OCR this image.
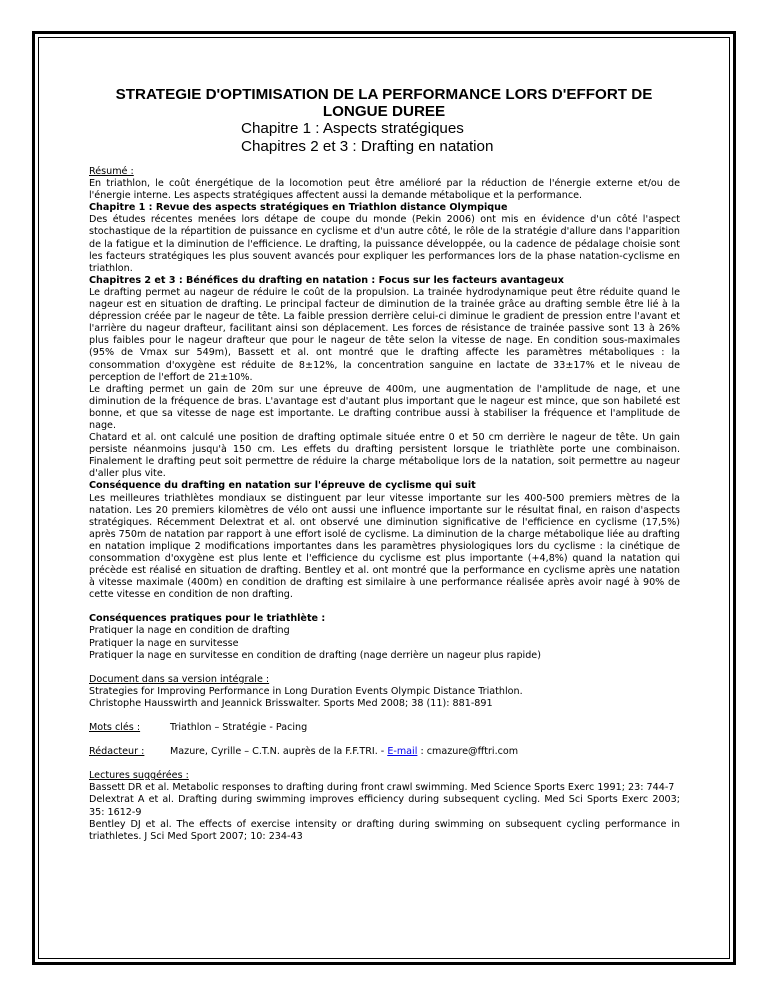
STRATEGIE D'OPTIMISATION DE LA PERFORMANCE LORS D'EFFORT DE
LONGUE DUREE
Chapitre 1 : Aspects stratégiques
Chapitres 2 et 3 : Drafting en natation

Résumé :

En triathlon, le coût énergétique de la locomotion peut être amélioré par la réduction de l'énergie externe et/ou de l'énergie interne. Les aspects stratégiques affectent aussi la demande métabolique et la performance.

Chapitre 1 : Revue des aspects stratégiques en Triathlon distance Olympique

Des études récentes menées lors détape de coupe du monde (Pekin 2006) ont mis en évidence d'un côté l'aspect stochastique de la répartition de puissance en cyclisme et d'un autre côté, le rôle de la stratégie d'allure dans l'apparition de la fatigue et la diminution de l'efficience. Le drafting, la puissance développée, ou la cadence de pédalage choisie sont les facteurs stratégiques les plus souvent avancés pour expliquer les performances lors de la phase natation-cyclisme en triathlon.

Chapitres 2 et 3 : Bénéfices du drafting en natation : Focus sur les facteurs avantageux

Le drafting permet au nageur de réduire le coût de la propulsion. La trainée hydrodynamique peut être réduite quand le nageur est en situation de drafting. Le principal facteur de diminution de la trainée grâce au drafting semble être lié à la dépression créée par le nageur de tête. La faible pression derrière celui-ci diminue le gradient de pression entre l'avant et l'arrière du nageur drafteur, facilitant ainsi son déplacement. Les forces de résistance de trainée passive sont 13 à 26% plus faibles pour le nageur drafteur que pour le nageur de tête selon la vitesse de nage. En condition sous-maximales (95% de Vmax sur 549m), Bassett et al. ont montré que le drafting affecte les paramètres métaboliques : la consommation d'oxygène est réduite de 8±12%, la concentration sanguine en lactate de 33±17% et le niveau de perception de l'effort de 21±10%.

Le drafting permet un gain de 20m sur une épreuve de 400m, une augmentation de l'amplitude de nage, et une diminution de la fréquence de bras. L'avantage est d'autant plus important que le nageur est mince, que son habileté est bonne, et que sa vitesse de nage est importante. Le drafting contribue aussi à stabiliser la fréquence et l'amplitude de nage.

Chatard et al. ont calculé une position de drafting optimale située entre 0 et 50 cm derrière le nageur de tête. Un gain persiste néanmoins jusqu'à 150 cm. Les effets du drafting persistent lorsque le triathlète porte une combinaison. Finalement le drafting peut soit permettre de réduire la charge métabolique lors de la natation, soit permettre au nageur d'aller plus vite.

Conséquence du drafting en natation sur l'épreuve de cyclisme qui suit

Les meilleures triathlètes mondiaux se distinguent par leur vitesse importante sur les 400-500 premiers mètres de la natation. Les 20 premiers kilomètres de vélo ont aussi une influence importante sur le résultat final, en raison d'aspects stratégiques. Récemment Delextrat et al. ont observé une diminution significative de l'efficience en cyclisme (17,5%) après 750m de natation par rapport à une effort isolé de cyclisme. La diminution de la charge métabolique liée au drafting en natation implique 2 modifications importantes dans les paramètres physiologiques lors du cyclisme : la cinétique de consommation d'oxygène est plus lente et l'efficience du cyclisme est plus importante (+4,8%) quand la natation qui précède est réalisé en situation de drafting. Bentley et al. ont montré que la performance en cyclisme après une natation à vitesse maximale (400m) en condition de drafting est similaire à une performance réalisée après avoir nagé à 90% de cette vitesse en condition de non drafting.

Conséquences pratiques pour le triathlète :

Pratiquer la nage en condition de drafting

Pratiquer la nage en survitesse

Pratiquer la nage en survitesse en condition de drafting (nage derrière un nageur plus rapide)

Document dans sa version intégrale :

Strategies for Improving Performance in Long Duration Events Olympic Distance Triathlon.

Christophe Hausswirth and Jeannick Brisswalter. Sports Med 2008; 38 (11): 881-891

Mots clés :	Triathlon – Stratégie - Pacing
Rédacteur :	Mazure, Cyrille – C.T.N. auprès de la F.F.TRI. - E-mail : cmazure@fftri.com

Lectures suggérées :

Bassett DR et al. Metabolic responses to drafting during front crawl swimming. Med Science Sports Exerc 1991; 23: 744-7

Delextrat A et al. Drafting during swimming improves efficiency during subsequent cycling. Med Sci Sports Exerc 2003; 35: 1612-9

Bentley DJ et al. The effects of exercise intensity or drafting during swimming on subsequent cycling performance in triathletes. J Sci Med Sport 2007; 10: 234-43
